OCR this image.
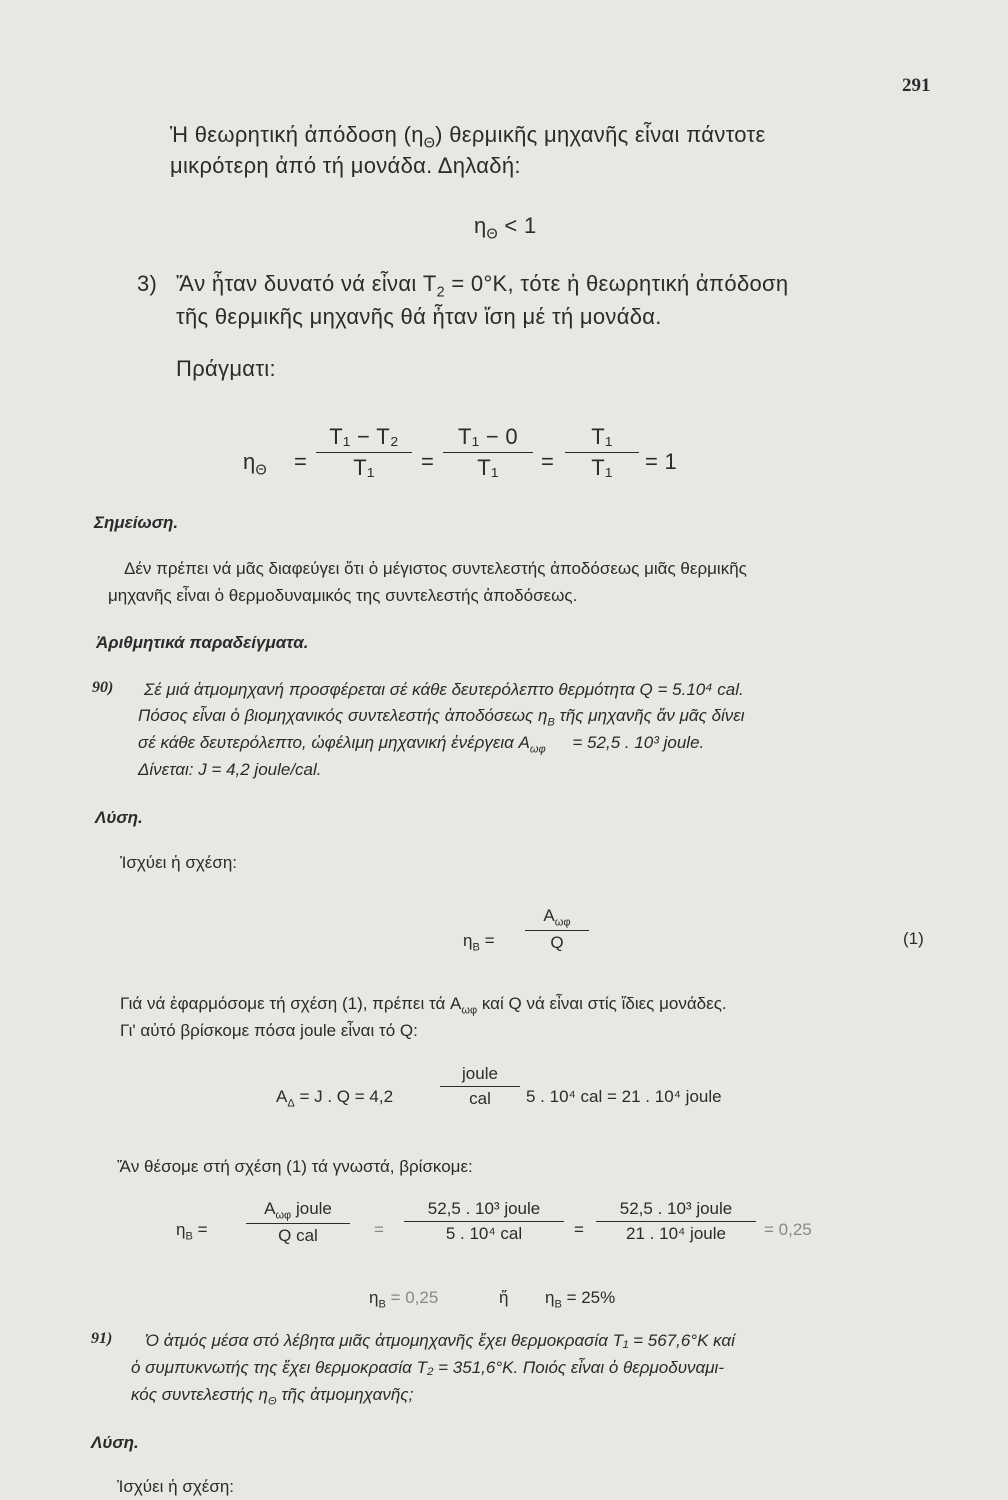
291
Ἡ θεωρητική ἀπόδοση $(\eta_\Theta)$ θερμικῆς μηχανῆς εἶναι πάντοτε
μικρότερη ἀπό τή μονάδα. Δηλαδή:
$\eta_\Theta < 1$
3) Ἄν ἦταν δυνατό νά εἶναι $T_2 = 0^\circ K$, τότε ἡ θεωρητική ἀπόδοση
τῆς θερμικῆς μηχανῆς θά ἦταν ἴση μέ τή μονάδα.
Πράγματι:
$\eta_\Theta$ =
T₁ − T₂
T₁	=
T₁ − 0
T₁	=
T₁
T₁	= 1
Σημείωση.
Δέν πρέπει νά μᾶς διαφεύγει ὅτι ὁ μέγιστος συντελεστής ἀποδόσεως μιᾶς θερμικῆς
μηχανῆς εἶναι ὁ θερμοδυναμικός της συντελεστής ἀποδόσεως.
Ἀριθμητικά παραδείγματα.
90) Σέ μιά ἀτμομηχανή προσφέρεται σέ κάθε δευτερόλεπτο θερμότητα Q = 5.10⁴ cal.
Πόσος εἶναι ὁ βιομηχανικός συντελεστής ἀποδόσεως $\eta_B$ τῆς μηχανῆς ἄν μᾶς δίνει
σέ κάθε δευτερόλεπτο, ὠφέλιμη μηχανική ἐνέργεια $A_{\omega\varphi} = 52,5$ . 10³ joule.
Δίνεται: J = 4,2 joule/cal.
Λύση.
Ἰσχύει ἡ σχέση:
$\eta_B$ =
$A_{\omega\varphi}$
Q	(1)
Γιά νά ἐφαρμόσομε τή σχέση (1), πρέπει τά $A_{\omega\varphi}$ καί Q νά εἶναι στίς ἴδιες μονάδες.
Γι' αὐτό βρίσκομε πόσα joule εἶναι τό Q:
$A_\Delta = J$ . Q = 4,2
joule
cal	5 . 10⁴ cal = 21 . 10⁴ joule
Ἄν θέσομε στή σχέση (1) τά γνωστά, βρίσκομε:
$\eta_B$ =
$A_{\omega\varphi}$ joule
Q cal	=
52,5 . 10³ joule
5 . 10⁴ cal	=
52,5 . 10³ joule
21 . 10⁴ joule	= 0,25
$\eta_B = 0,25$	ἤ $\eta_B = 25\%$
91) Ὁ ἀτμός μέσα στό λέβητα μιᾶς ἀτμομηχανῆς ἔχει θερμοκρασία T₁ = 567,6°K καί
ὁ συμπυκνωτής της ἔχει θερμοκρασία T₂ = 351,6°K. Ποιός εἶναι ὁ θερμοδυναμι-
κός συντελεστής $\eta_\Theta$ τῆς ἀτμομηχανῆς;
Λύση.
Ἰσχύει ἡ σχέση:
